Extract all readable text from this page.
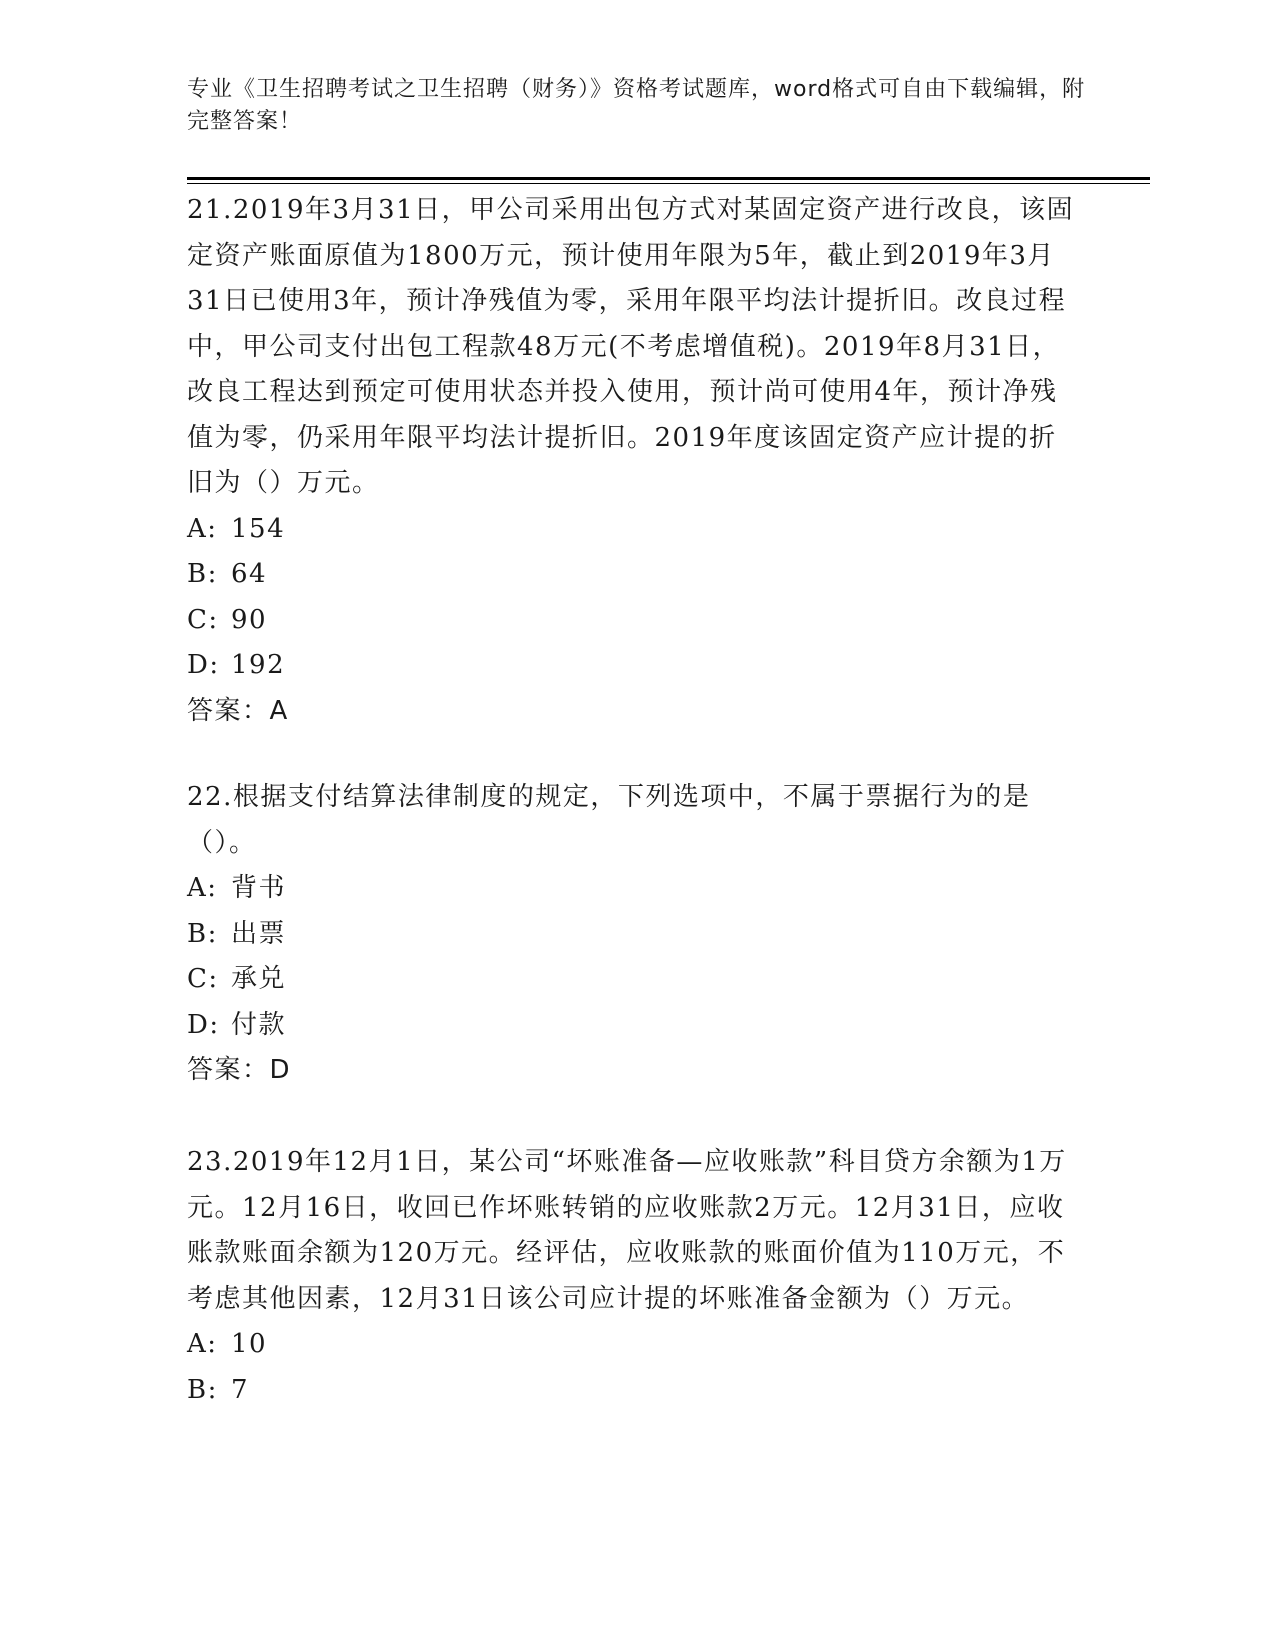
专业《卫生招聘考试之卫生招聘（财务）》资格考试题库，word格式可自由下载编辑，附完整答案！

21.2019年3月31日，甲公司采用出包方式对某固定资产进行改良，该固定资产账面原值为1800万元，预计使用年限为5年，截止到2019年3月31日已使用3年，预计净残值为零，采用年限平均法计提折旧。改良过程中，甲公司支付出包工程款48万元(不考虑增值税)。2019年8月31日，改良工程达到预定可使用状态并投入使用，预计尚可使用4年，预计净残值为零，仍采用年限平均法计提折旧。2019年度该固定资产应计提的折旧为（）万元。

A: 154

B: 64

C: 90

D: 192

答案：A

22.根据支付结算法律制度的规定，下列选项中，不属于票据行为的是（）。

A: 背书

B: 出票

C: 承兑

D: 付款

答案：D

23.2019年12月1日，某公司“坏账准备—应收账款”科目贷方余额为1万元。12月16日，收回已作坏账转销的应收账款2万元。12月31日，应收账款账面余额为120万元。经评估，应收账款的账面价值为110万元，不考虑其他因素，12月31日该公司应计提的坏账准备金额为（）万元。

A: 10

B: 7
